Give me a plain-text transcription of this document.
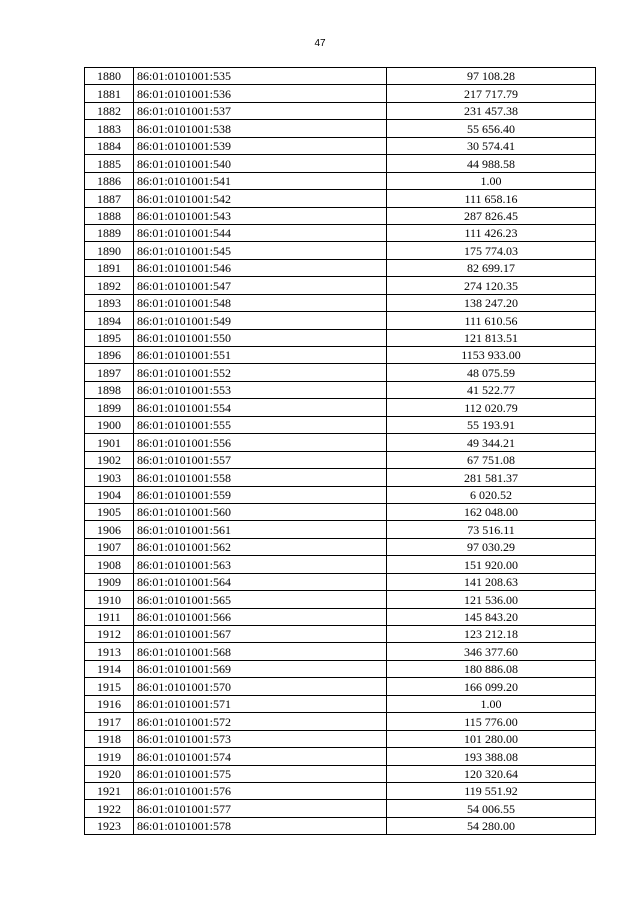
47
1880	86:01:0101001:535	97 108.28
1881	86:01:0101001:536	217 717.79
1882	86:01:0101001:537	231 457.38
1883	86:01:0101001:538	55 656.40
1884	86:01:0101001:539	30 574.41
1885	86:01:0101001:540	44 988.58
1886	86:01:0101001:541	1.00
1887	86:01:0101001:542	111 658.16
1888	86:01:0101001:543	287 826.45
1889	86:01:0101001:544	111 426.23
1890	86:01:0101001:545	175 774.03
1891	86:01:0101001:546	82 699.17
1892	86:01:0101001:547	274 120.35
1893	86:01:0101001:548	138 247.20
1894	86:01:0101001:549	111 610.56
1895	86:01:0101001:550	121 813.51
1896	86:01:0101001:551	1153 933.00
1897	86:01:0101001:552	48 075.59
1898	86:01:0101001:553	41 522.77
1899	86:01:0101001:554	112 020.79
1900	86:01:0101001:555	55 193.91
1901	86:01:0101001:556	49 344.21
1902	86:01:0101001:557	67 751.08
1903	86:01:0101001:558	281 581.37
1904	86:01:0101001:559	6 020.52
1905	86:01:0101001:560	162 048.00
1906	86:01:0101001:561	73 516.11
1907	86:01:0101001:562	97 030.29
1908	86:01:0101001:563	151 920.00
1909	86:01:0101001:564	141 208.63
1910	86:01:0101001:565	121 536.00
1911	86:01:0101001:566	145 843.20
1912	86:01:0101001:567	123 212.18
1913	86:01:0101001:568	346 377.60
1914	86:01:0101001:569	180 886.08
1915	86:01:0101001:570	166 099.20
1916	86:01:0101001:571	1.00
1917	86:01:0101001:572	115 776.00
1918	86:01:0101001:573	101 280.00
1919	86:01:0101001:574	193 388.08
1920	86:01:0101001:575	120 320.64
1921	86:01:0101001:576	119 551.92
1922	86:01:0101001:577	54 006.55
1923	86:01:0101001:578	54 280.00
